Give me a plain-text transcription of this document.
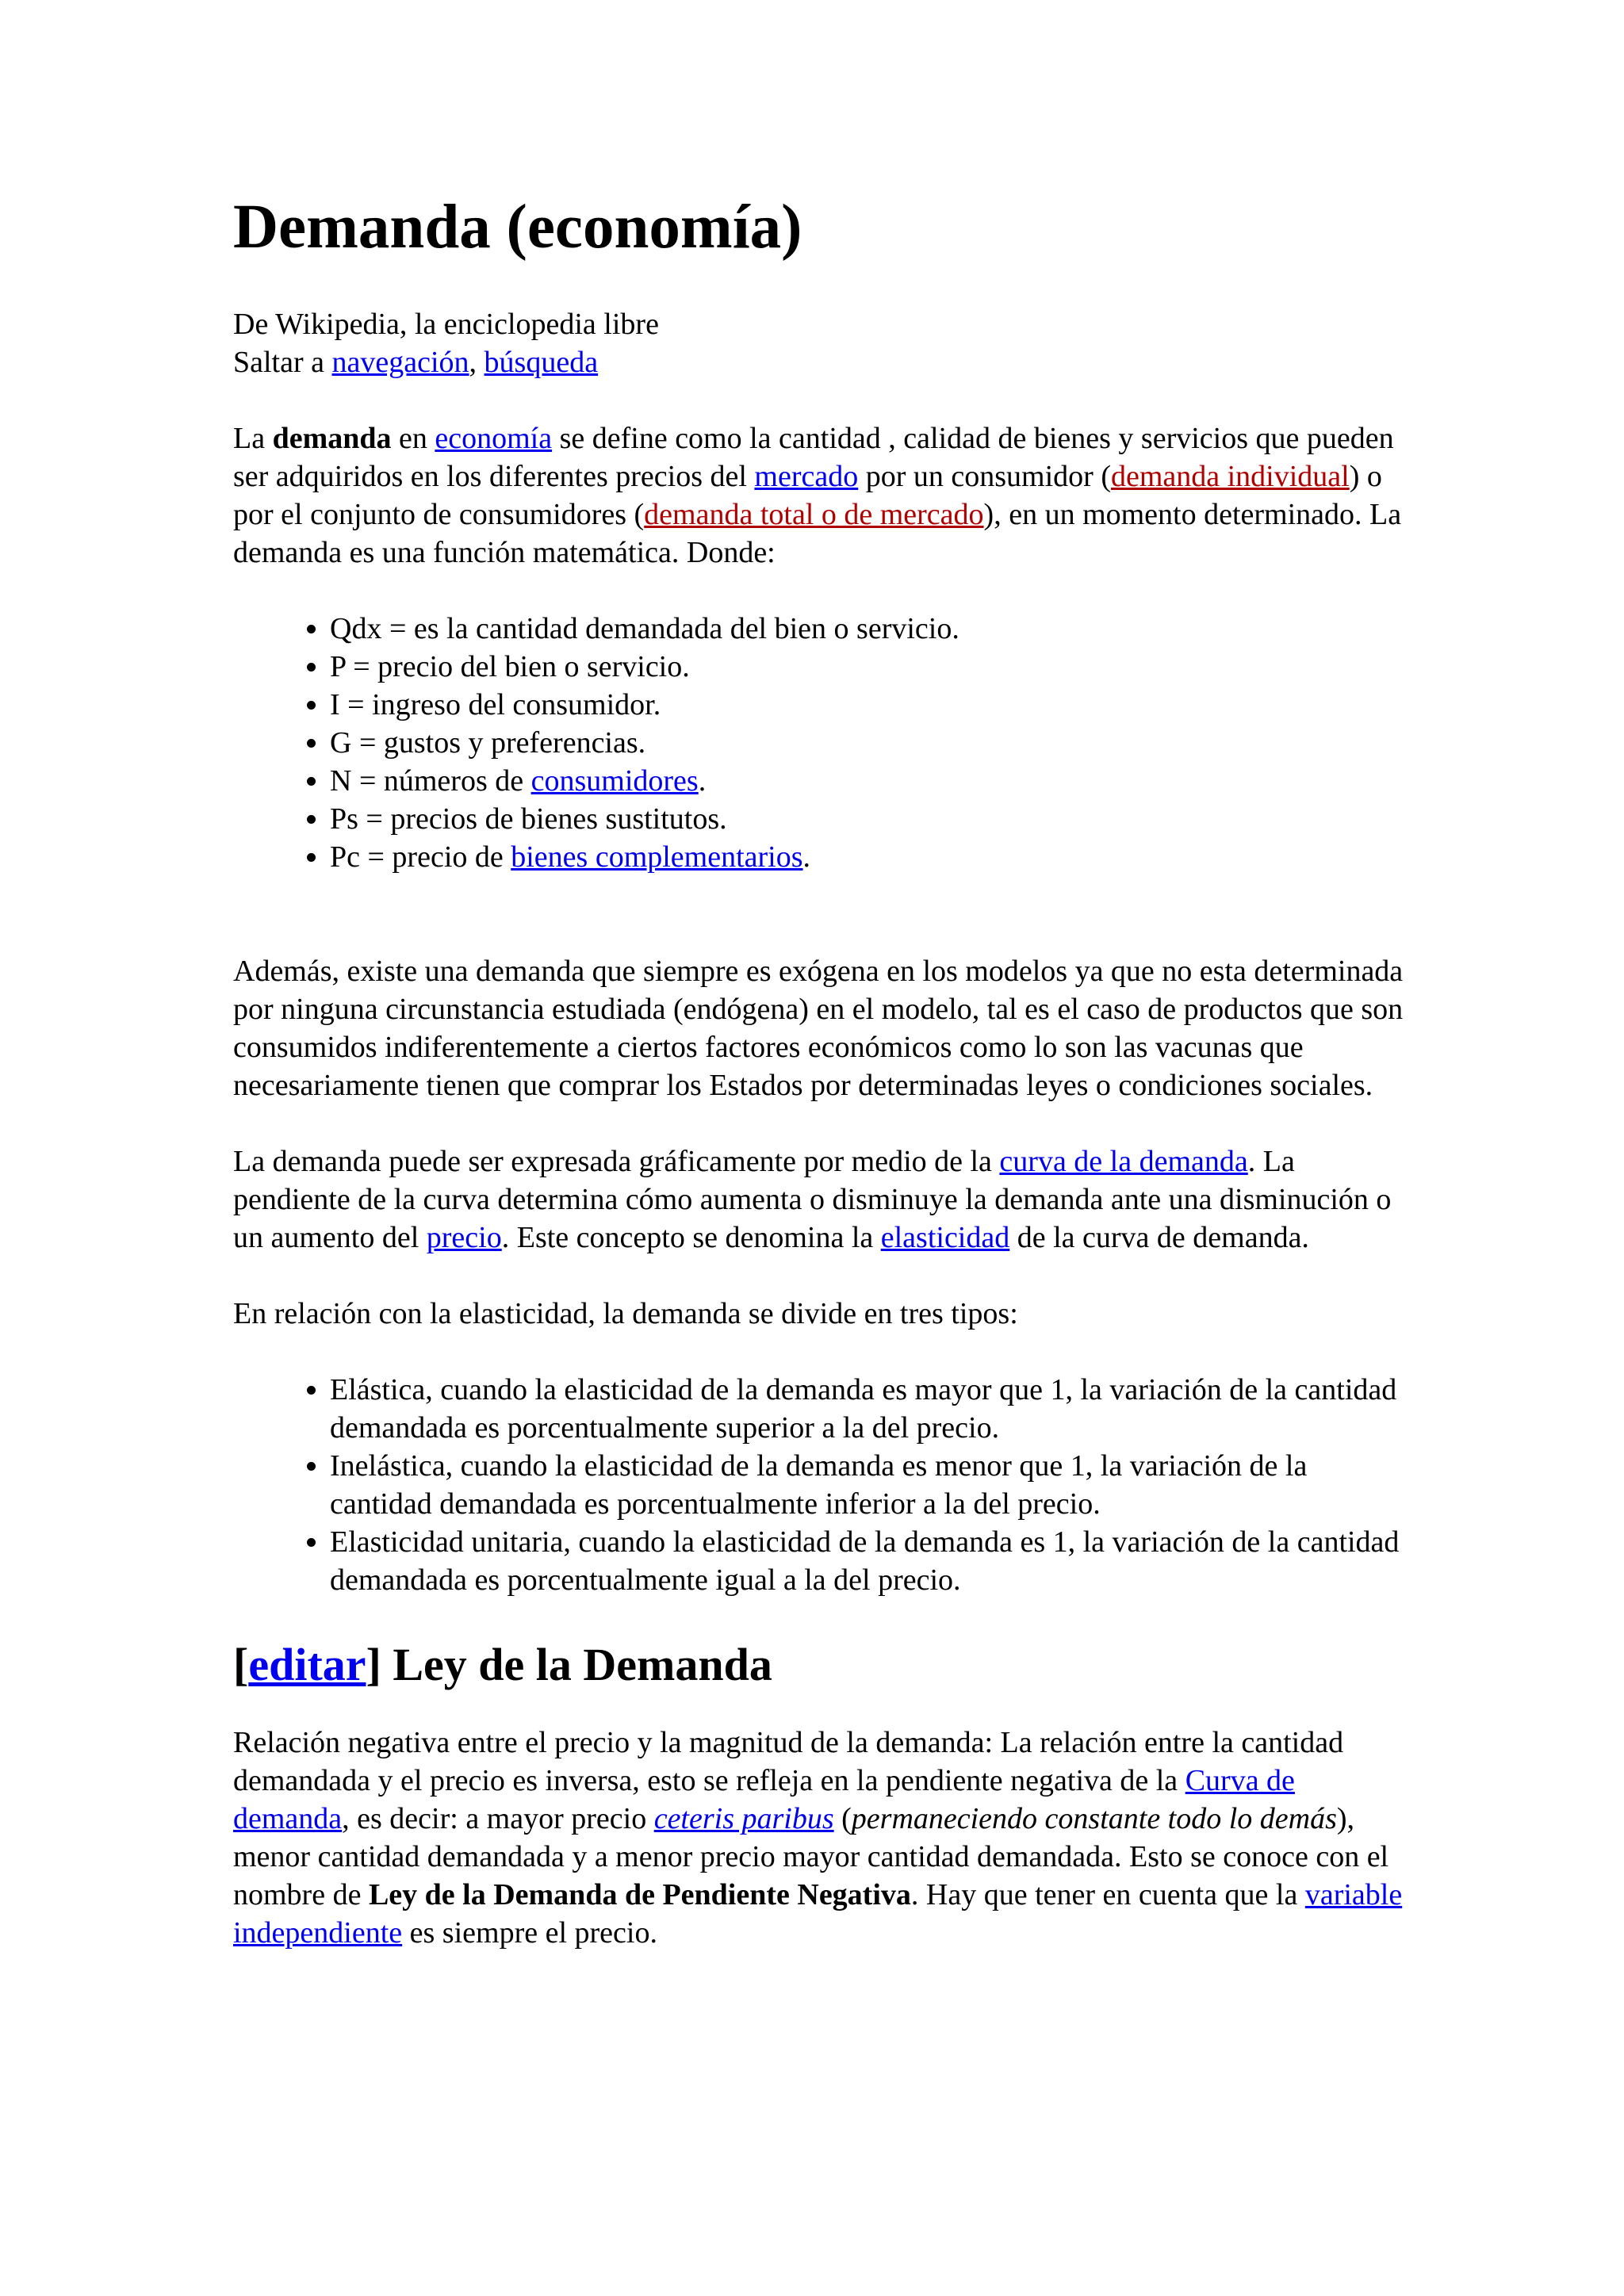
Demanda (economía)
De Wikipedia, la enciclopedia libre
Saltar a navegación, búsqueda

La demanda en economía se define como la cantidad , calidad de bienes y servicios que pueden ser adquiridos en los diferentes precios del mercado por un consumidor (demanda individual) o por el conjunto de consumidores (demanda total o de mercado), en un momento determinado. La demanda es una función matemática. Donde:

• Qdx = es la cantidad demandada del bien o servicio.
• P = precio del bien o servicio.
• I = ingreso del consumidor.
• G = gustos y preferencias.
• N = números de consumidores.
• Ps = precios de bienes sustitutos.
• Pc = precio de bienes complementarios.

Además, existe una demanda que siempre es exógena en los modelos ya que no esta determinada por ninguna circunstancia estudiada (endógena) en el modelo, tal es el caso de productos que son consumidos indiferentemente a ciertos factores económicos como lo son las vacunas que necesariamente tienen que comprar los Estados por determinadas leyes o condiciones sociales.

La demanda puede ser expresada gráficamente por medio de la curva de la demanda. La pendiente de la curva determina cómo aumenta o disminuye la demanda ante una disminución o un aumento del precio. Este concepto se denomina la elasticidad de la curva de demanda.

En relación con la elasticidad, la demanda se divide en tres tipos:

• Elástica, cuando la elasticidad de la demanda es mayor que 1, la variación de la cantidad demandada es porcentualmente superior a la del precio.
• Inelástica, cuando la elasticidad de la demanda es menor que 1, la variación de la cantidad demandada es porcentualmente inferior a la del precio.
• Elasticidad unitaria, cuando la elasticidad de la demanda es 1, la variación de la cantidad demandada es porcentualmente igual a la del precio.
[editar] Ley de la Demanda

Relación negativa entre el precio y la magnitud de la demanda: La relación entre la cantidad demandada y el precio es inversa, esto se refleja en la pendiente negativa de la Curva de demanda, es decir: a mayor precio ceteris paribus (permaneciendo constante todo lo demás), menor cantidad demandada y a menor precio mayor cantidad demandada. Esto se conoce con el nombre de Ley de la Demanda de Pendiente Negativa. Hay que tener en cuenta que la variable independiente es siempre el precio.
